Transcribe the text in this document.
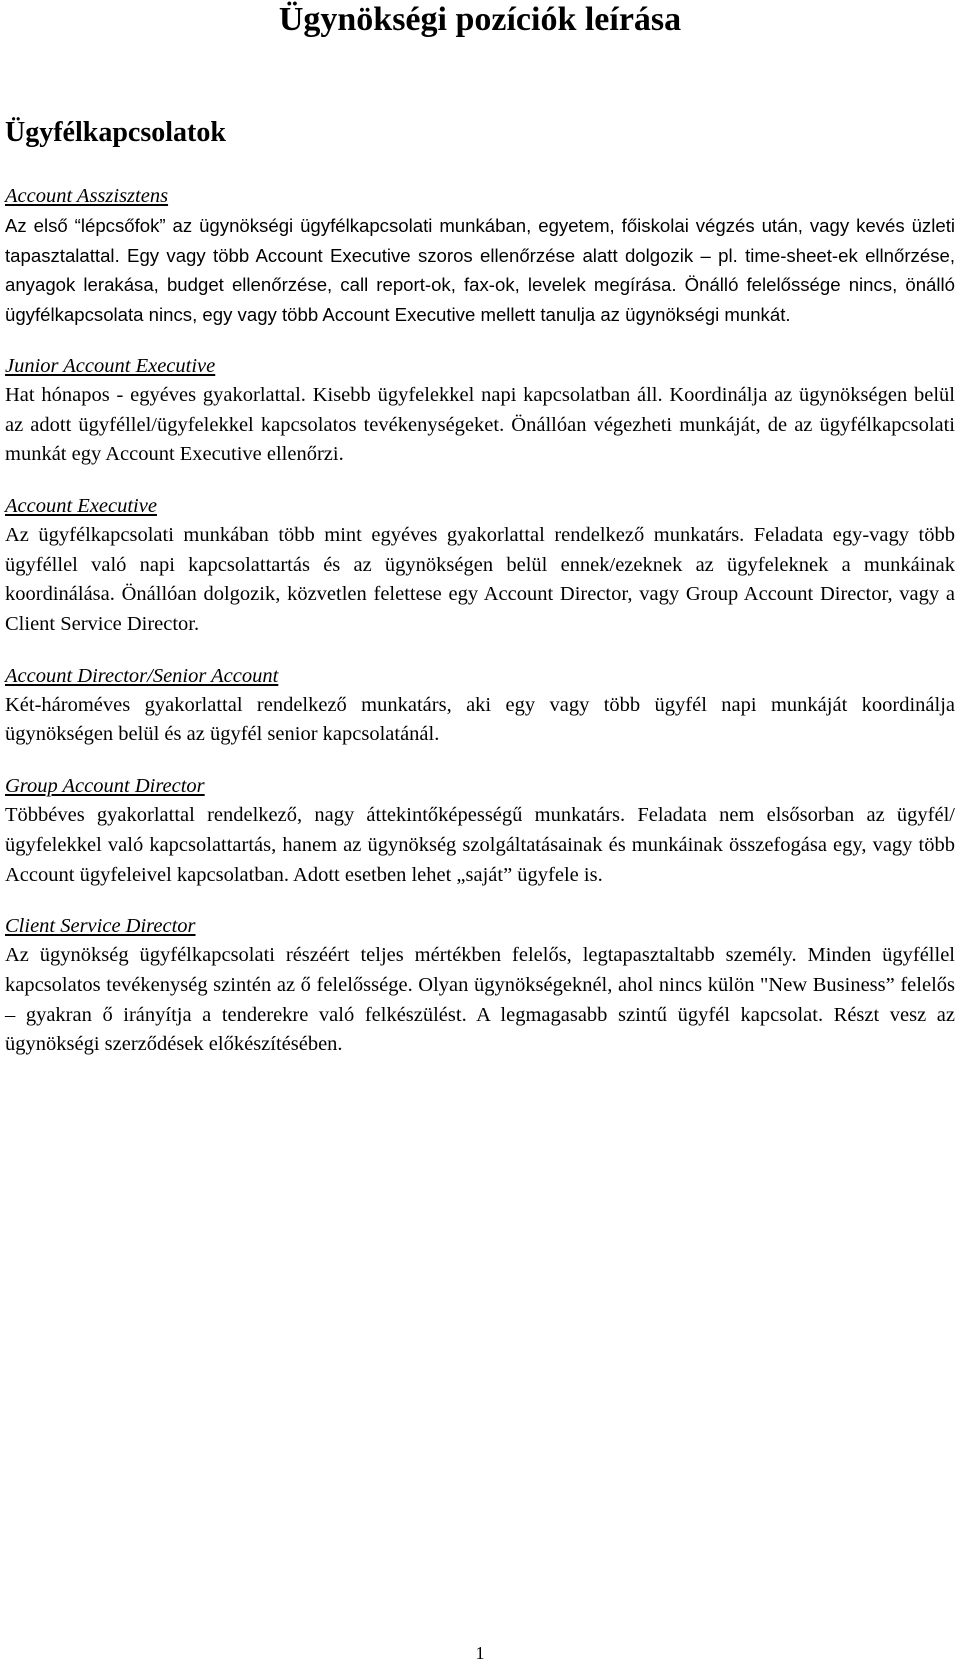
Ügynökségi pozíciók leírása
Ügyfélkapcsolatok
Account Asszisztens

Az első “lépcsőfok” az ügynökségi ügyfélkapcsolati munkában, egyetem, főiskolai végzés után, vagy kevés üzleti tapasztalattal. Egy vagy több Account Executive szoros ellenőrzése alatt dolgozik – pl. time-sheet-ek ellnőrzése, anyagok lerakása, budget ellenőrzése, call report-ok, fax-ok, levelek megírása. Önálló felelőssége nincs, önálló ügyfélkapcsolata nincs, egy vagy több Account Executive mellett tanulja az ügynökségi munkát.

Junior Account Executive

Hat hónapos - egyéves gyakorlattal. Kisebb ügyfelekkel napi kapcsolatban áll. Koordinálja az ügynökségen belül az adott ügyféllel/ügyfelekkel kapcsolatos tevékenységeket. Önállóan végezheti munkáját, de az ügyfélkapcsolati munkát egy Account Executive ellenőrzi.

Account Executive

Az ügyfélkapcsolati munkában több mint egyéves gyakorlattal rendelkező munkatárs. Feladata egy-vagy több ügyféllel való napi kapcsolattartás és az ügynökségen belül ennek/ezeknek az ügyfeleknek a munkáinak koordinálása. Önállóan dolgozik, közvetlen felettese egy Account Director, vagy Group Account Director, vagy a Client Service Director.

Account Director/Senior Account

Két-hároméves gyakorlattal rendelkező munkatárs, aki egy vagy több ügyfél napi munkáját koordinálja ügynökségen belül és az ügyfél senior kapcsolatánál.

Group Account Director

Többéves gyakorlattal rendelkező, nagy áttekintőképességű munkatárs. Feladata nem elsősorban az ügyfél/ügyfelekkel való kapcsolattartás, hanem az ügynökség szolgáltatásainak és munkáinak összefogása egy, vagy több Account ügyfeleivel kapcsolatban. Adott esetben lehet „saját” ügyfele is.

Client Service Director

Az ügynökség ügyfélkapcsolati részéért teljes mértékben felelős, legtapasztaltabb személy. Minden ügyféllel kapcsolatos tevékenység szintén az ő felelőssége. Olyan ügynökségeknél, ahol nincs külön "New Business” felelős – gyakran ő irányítja a tenderekre való felkészülést. A legmagasabb szintű ügyfél kapcsolat. Részt vesz az ügynökségi szerződések előkészítésében.

1
